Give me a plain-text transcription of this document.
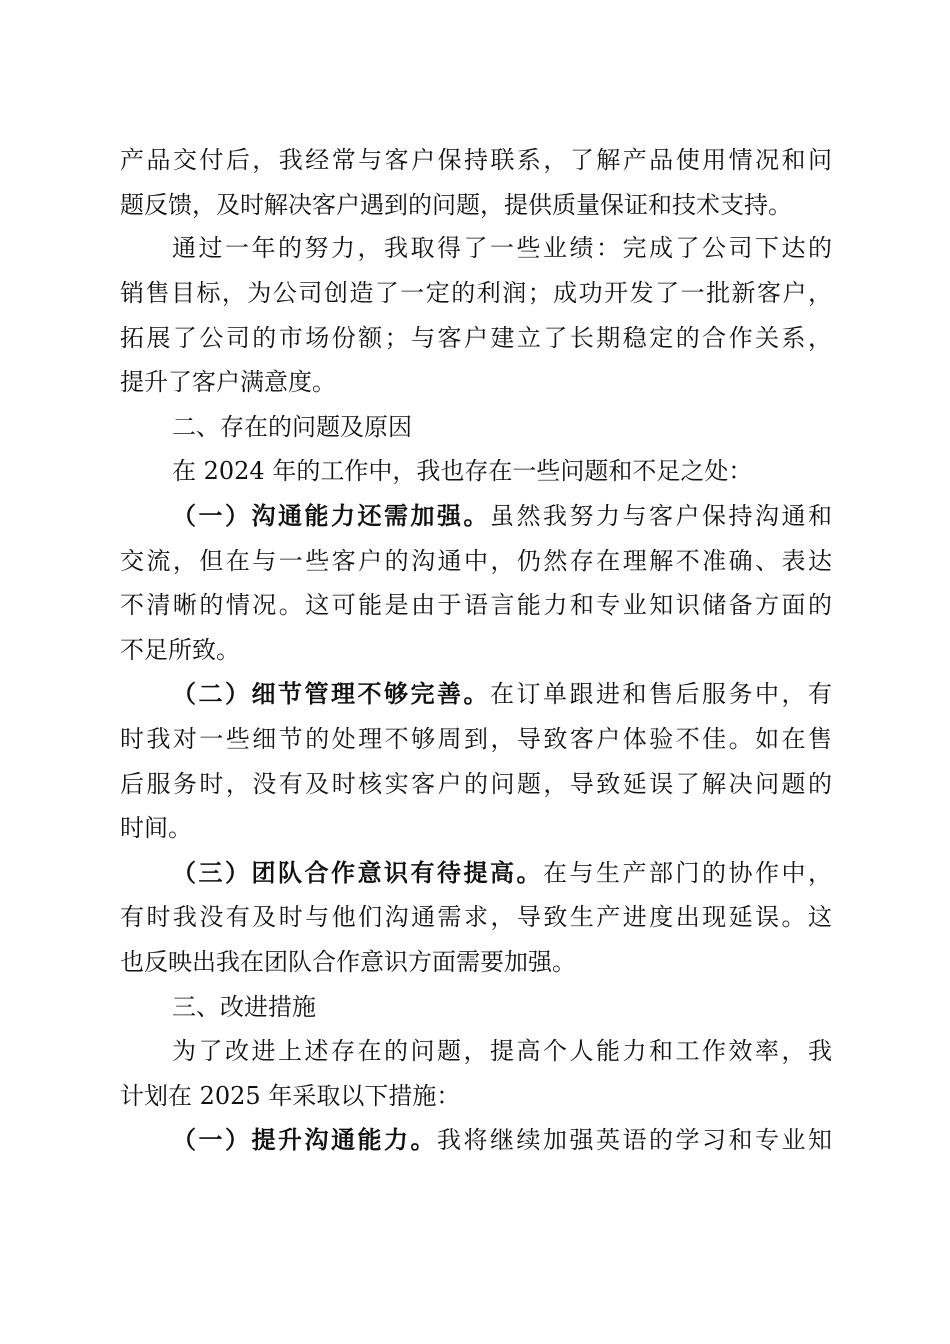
产品交付后，我经常与客户保持联系，了解产品使用情况和问
题反馈，及时解决客户遇到的问题，提供质量保证和技术支持。
通过一年的努力，我取得了一些业绩：完成了公司下达的
销售目标，为公司创造了一定的利润；成功开发了一批新客户，
拓展了公司的市场份额；与客户建立了长期稳定的合作关系，
提升了客户满意度。
二、存在的问题及原因
在 2024 年的工作中，我也存在一些问题和不足之处：
（一）沟通能力还需加强。虽然我努力与客户保持沟通和
交流，但在与一些客户的沟通中，仍然存在理解不准确、表达
不清晰的情况。这可能是由于语言能力和专业知识储备方面的
不足所致。
（二）细节管理不够完善。在订单跟进和售后服务中，有
时我对一些细节的处理不够周到，导致客户体验不佳。如在售
后服务时，没有及时核实客户的问题，导致延误了解决问题的
时间。
（三）团队合作意识有待提高。在与生产部门的协作中，
有时我没有及时与他们沟通需求，导致生产进度出现延误。这
也反映出我在团队合作意识方面需要加强。
三、改进措施
为了改进上述存在的问题，提高个人能力和工作效率，我
计划在 2025 年采取以下措施：
（一）提升沟通能力。我将继续加强英语的学习和专业知
